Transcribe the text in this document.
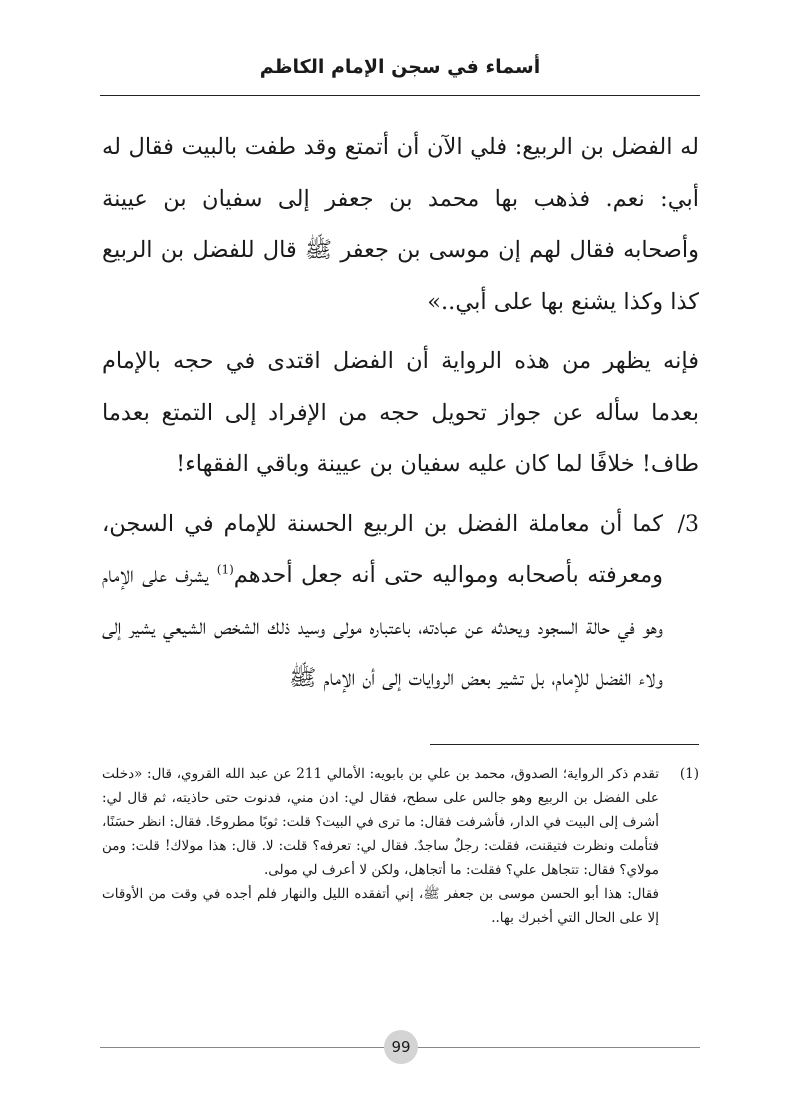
أسماء في سجن الإمام الكاظم

له الفضل بن الربيع: فلي الآن أن أتمتع وقد طفت بالبيت فقال له أبي: نعم. فذهب بها محمد بن جعفر إلى سفيان بن عيينة وأصحابه فقال لهم إن موسى بن جعفر ﷺ قال للفضل بن الربيع كذا وكذا يشنع بها على أبي..»

فإنه يظهر من هذه الرواية أن الفضل اقتدى في حجه بالإمام بعدما سأله عن جواز تحويل حجه من الإفراد إلى التمتع بعدما طاف! خلافًا لما كان عليه سفيان بن عيينة وباقي الفقهاء!

3/

كما أن معاملة الفضل بن الربيع الحسنة للإمام في السجن، ومعرفته بأصحابه ومواليه حتى أنه جعل أحدهم$^{(1)}$ يشرف على الإمام وهو في حالة السجود ويحدثه عن عبادته، باعتباره مولى وسيد ذلك الشخص الشيعي يشير إلى ولاء الفضل للإمام، بل تشير بعض الروايات إلى أن الإمام ﷺ

(1)

تقدم ذكر الرواية؛ الصدوق، محمد بن علي بن بابويه: الأمالي 211 عن عبد الله القروي، قال: «دخلت على الفضل بن الربيع وهو جالس على سطح، فقال لي: ادن مني، فدنوت حتى حاذيته، ثم قال لي: أشرف إلى البيت في الدار، فأشرفت فقال: ما ترى في البيت؟ قلت: ثوبًا مطروحًا. فقال: انظر حسَنًا، فتأملت ونظرت فتيقنت، فقلت: رجلٌ ساجدٌ. فقال لي: تعرفه؟ قلت: لا. قال: هذا مولاك! قلت: ومن مولاي؟ فقال: تتجاهل علي؟ فقلت: ما أتجاهل، ولكن لا أعرف لي مولى.

فقال: هذا أبو الحسن موسى بن جعفر ﷺ، إني أتفقده الليل والنهار فلم أجده في وقت من الأوقات إلا على الحال التي أخبرك بها..

99
